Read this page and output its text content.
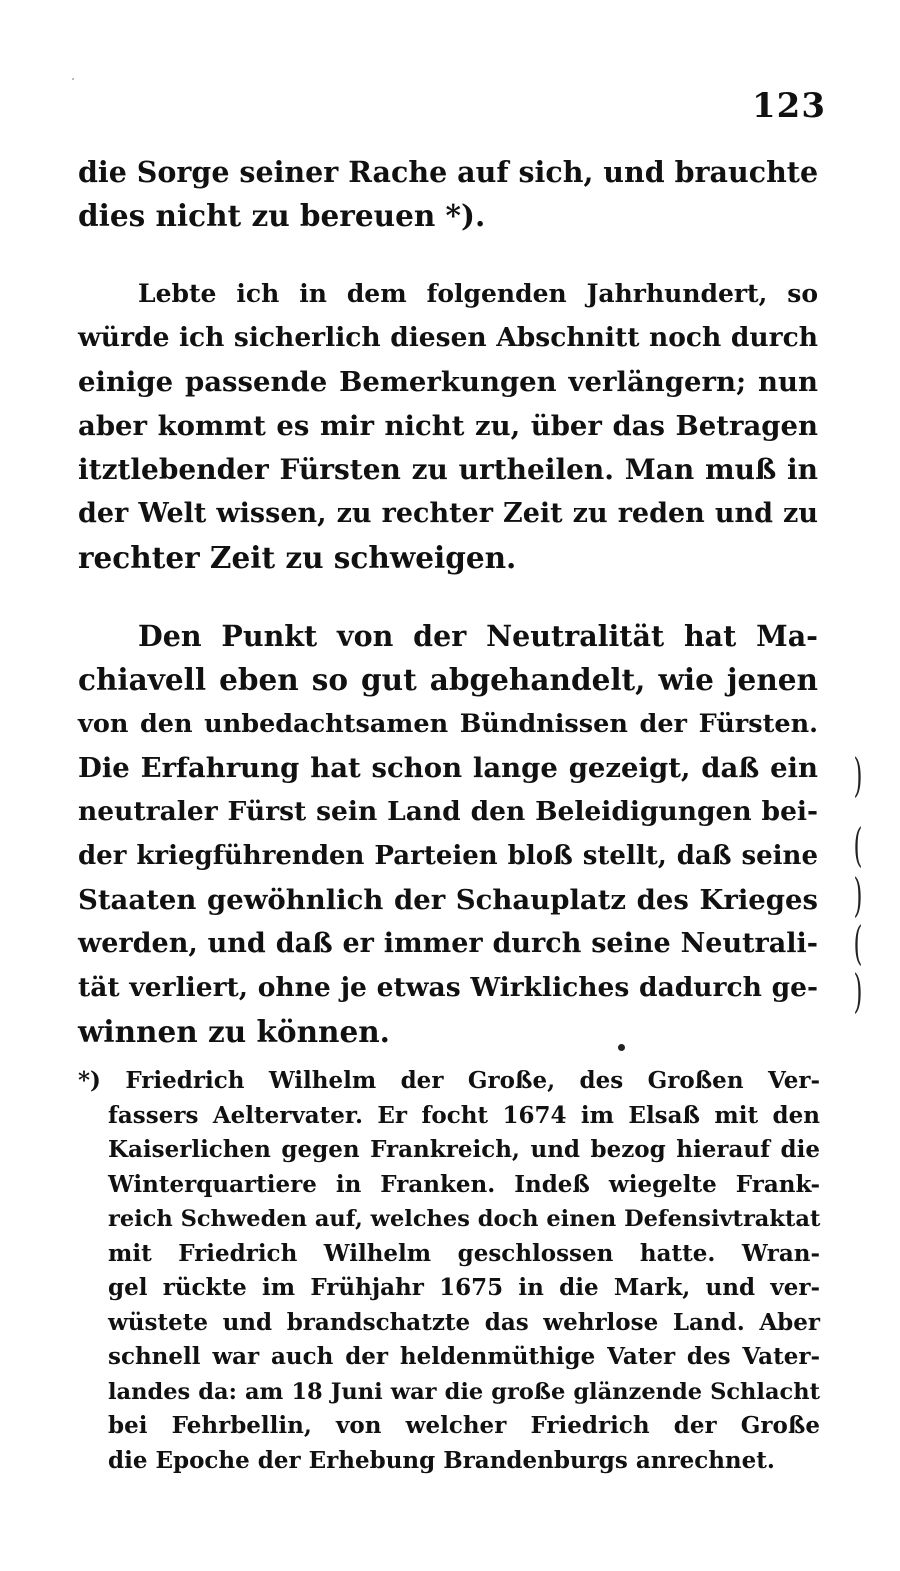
123
die Sorge seiner Rache auf sich, und brauchte
dies nicht zu bereuen *).
Lebte ich in dem folgenden Jahrhundert, so
würde ich sicherlich diesen Abschnitt noch durch
einige passende Bemerkungen verlängern; nun
aber kommt es mir nicht zu, über das Betragen
itztlebender Fürsten zu urtheilen. Man muß in
der Welt wissen, zu rechter Zeit zu reden und zu
rechter Zeit zu schweigen.
Den Punkt von der Neutralität hat Ma-
chiavell eben so gut abgehandelt, wie jenen
von den unbedachtsamen Bündnissen der Fürsten.
Die Erfahrung hat schon lange gezeigt, daß ein
neutraler Fürst sein Land den Beleidigungen bei-
der kriegführenden Parteien bloß stellt, daß seine
Staaten gewöhnlich der Schauplatz des Krieges
werden, und daß er immer durch seine Neutrali-
tät verliert, ohne je etwas Wirkliches dadurch ge-
winnen zu können.
)
(
)
(
)
*) Friedrich Wilhelm der Große, des Großen Ver-
fassers Aeltervater. Er focht 1674 im Elsaß mit den
Kaiserlichen gegen Frankreich, und bezog hierauf die
Winterquartiere in Franken. Indeß wiegelte Frank-
reich Schweden auf, welches doch einen Defensivtraktat
mit Friedrich Wilhelm geschlossen hatte. Wran-
gel rückte im Frühjahr 1675 in die Mark, und ver-
wüstete und brandschatzte das wehrlose Land. Aber
schnell war auch der heldenmüthige Vater des Vater-
landes da: am 18 Juni war die große glänzende Schlacht
bei Fehrbellin, von welcher Friedrich der Große
die Epoche der Erhebung Brandenburgs anrechnet.
